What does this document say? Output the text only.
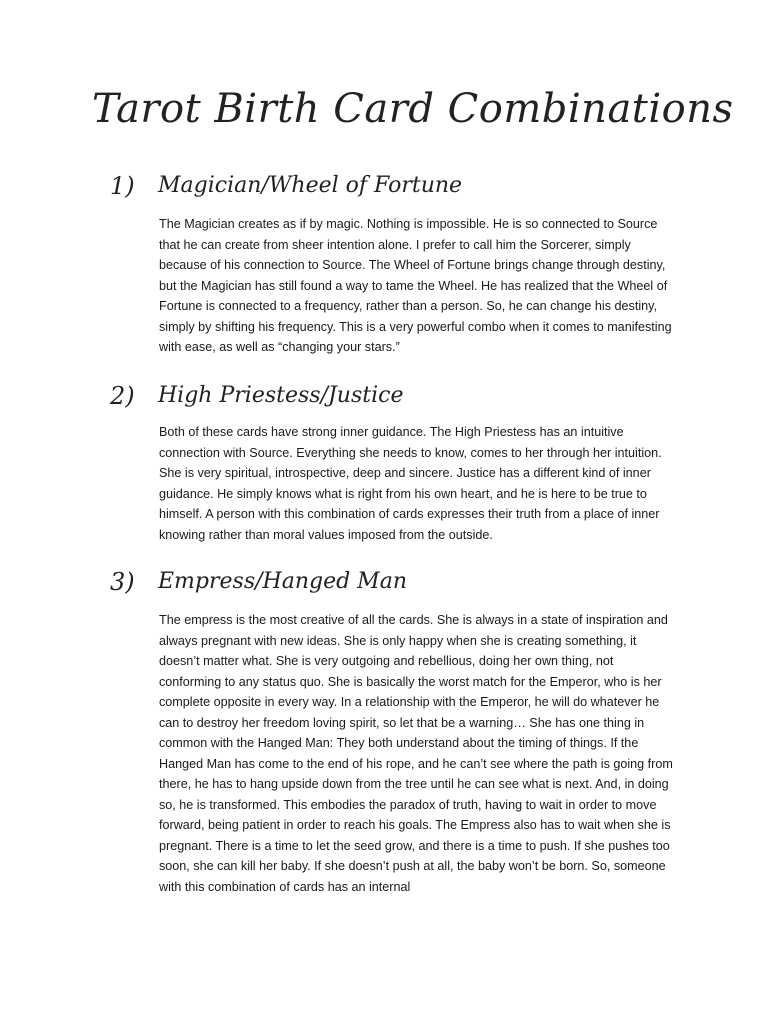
Tarot Birth Card Combinations
1) Magician/Wheel of Fortune

The Magician creates as if by magic. Nothing is impossible. He is so connected to Source that he can create from sheer intention alone. I prefer to call him the Sorcerer, simply because of his connection to Source. The Wheel of Fortune brings change through destiny, but the Magician has still found a way to tame the Wheel. He has realized that the Wheel of Fortune is connected to a frequency, rather than a person. So, he can change his destiny, simply by shifting his frequency. This is a very powerful combo when it comes to manifesting with ease, as well as “changing your stars.”

2) High Priestess/Justice

Both of these cards have strong inner guidance. The High Priestess has an intuitive connection with Source. Everything she needs to know, comes to her through her intuition. She is very spiritual, introspective, deep and sincere. Justice has a different kind of inner guidance. He simply knows what is right from his own heart, and he is here to be true to himself. A person with this combination of cards expresses their truth from a place of inner knowing rather than moral values imposed from the outside.

3) Empress/Hanged Man

The empress is the most creative of all the cards. She is always in a state of inspiration and always pregnant with new ideas. She is only happy when she is creating something, it doesn’t matter what. She is very outgoing and rebellious, doing her own thing, not conforming to any status quo. She is basically the worst match for the Emperor, who is her complete opposite in every way. In a relationship with the Emperor, he will do whatever he can to destroy her freedom loving spirit, so let that be a warning… She has one thing in common with the Hanged Man: They both understand about the timing of things. If the Hanged Man has come to the end of his rope, and he can’t see where the path is going from there, he has to hang upside down from the tree until he can see what is next. And, in doing so, he is transformed. This embodies the paradox of truth, having to wait in order to move forward, being patient in order to reach his goals. The Empress also has to wait when she is pregnant. There is a time to let the seed grow, and there is a time to push. If she pushes too soon, she can kill her baby. If she doesn’t push at all, the baby won’t be born. So, someone with this combination of cards has an internal
